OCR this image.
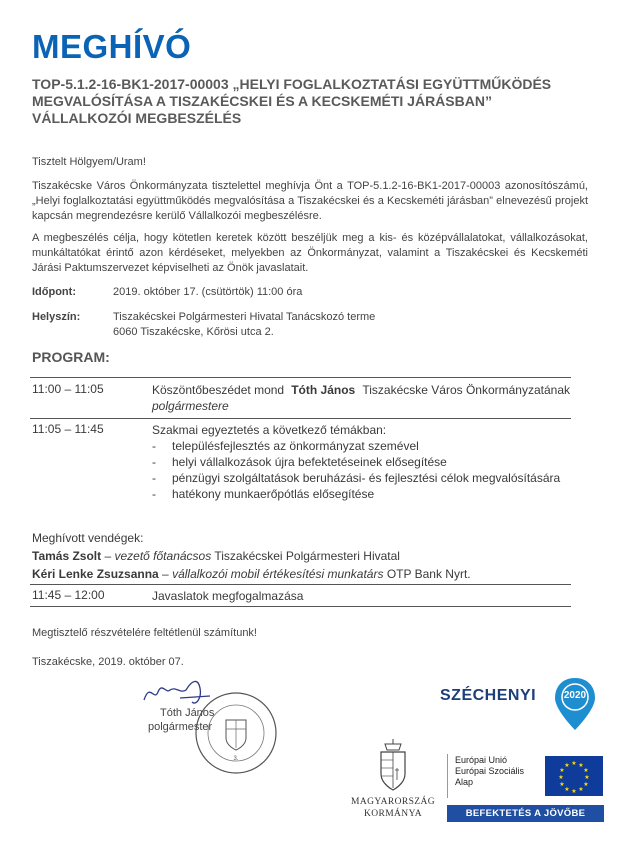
MEGHÍVÓ
TOP-5.1.2-16-BK1-2017-00003 „HELYI FOGLALKOZTATÁSI EGYÜTTMŰKÖDÉS MEGVALÓSÍTÁSA A TISZAKÉCSKEI ÉS A KECSKEMÉTI JÁRÁSBAN” VÁLLALKOZÓI MEGBESZÉLÉS
Tisztelt Hölgyem/Uram!
Tiszakécske Város Önkormányzata tisztelettel meghívja Önt a TOP-5.1.2-16-BK1-2017-00003 azonosítószámú, „Helyi foglalkoztatási együttműködés megvalósítása a Tiszakécskei és a Kecskeméti járásban” elnevezésű projekt kapcsán megrendezésre kerülő Vállalkozói megbeszélésre.
A megbeszélés célja, hogy kötetlen keretek között beszéljük meg a kis- és középvállalatokat, vállalkozásokat, munkáltatókat érintő azon kérdéseket, melyekben az Önkormányzat, valamint a Tiszakécskei és Kecskeméti Járási Paktumszervezet képviselheti az Önök javaslatait.
Időpont:	2019. október 17. (csütörtök) 11:00 óra
Helyszín:	Tiszakécskei Polgármesteri Hivatal Tanácskozó terme
6060 Tiszakécske, Kőrösi utca 2.
PROGRAM:
11:00 – 11:05	Köszöntőbeszédet mond Tóth János Tiszakécske Város Önkormányzatának
polgármestere
11:05 – 11:45	Szakmai egyeztetés a következő témákban:
- településfejlesztés az önkormányzat szemével
- helyi vállalkozások újra befektetéseinek elősegítése
- pénzügyi szolgáltatások beruházási- és fejlesztési célok megvalósítására
- hatékony munkaerőpótlás elősegítése
Meghívott vendégek:
Tamás Zsolt – vezető főtanácsos Tiszakécskei Polgármesteri Hivatal
Kéri Lenke Zsuzsanna – vállalkozói mobil értékesítési munkatárs OTP Bank Nyrt.
11:45 – 12:00	Javaslatok megfogalmazása
Megtisztelő részvételére feltétlenül számítunk!
Tiszakécske, 2019. október 07.
Tóth János
polgármester
3.
MAGYARORSZÁG
KORMÁNYA
SZÉCHENYI	2020
Európai Unió
Európai Szociális
Alap
★ ★
★
★
★
★
★
★
★
★
★
★
BEFEKTETÉS A JÖVŐBE
